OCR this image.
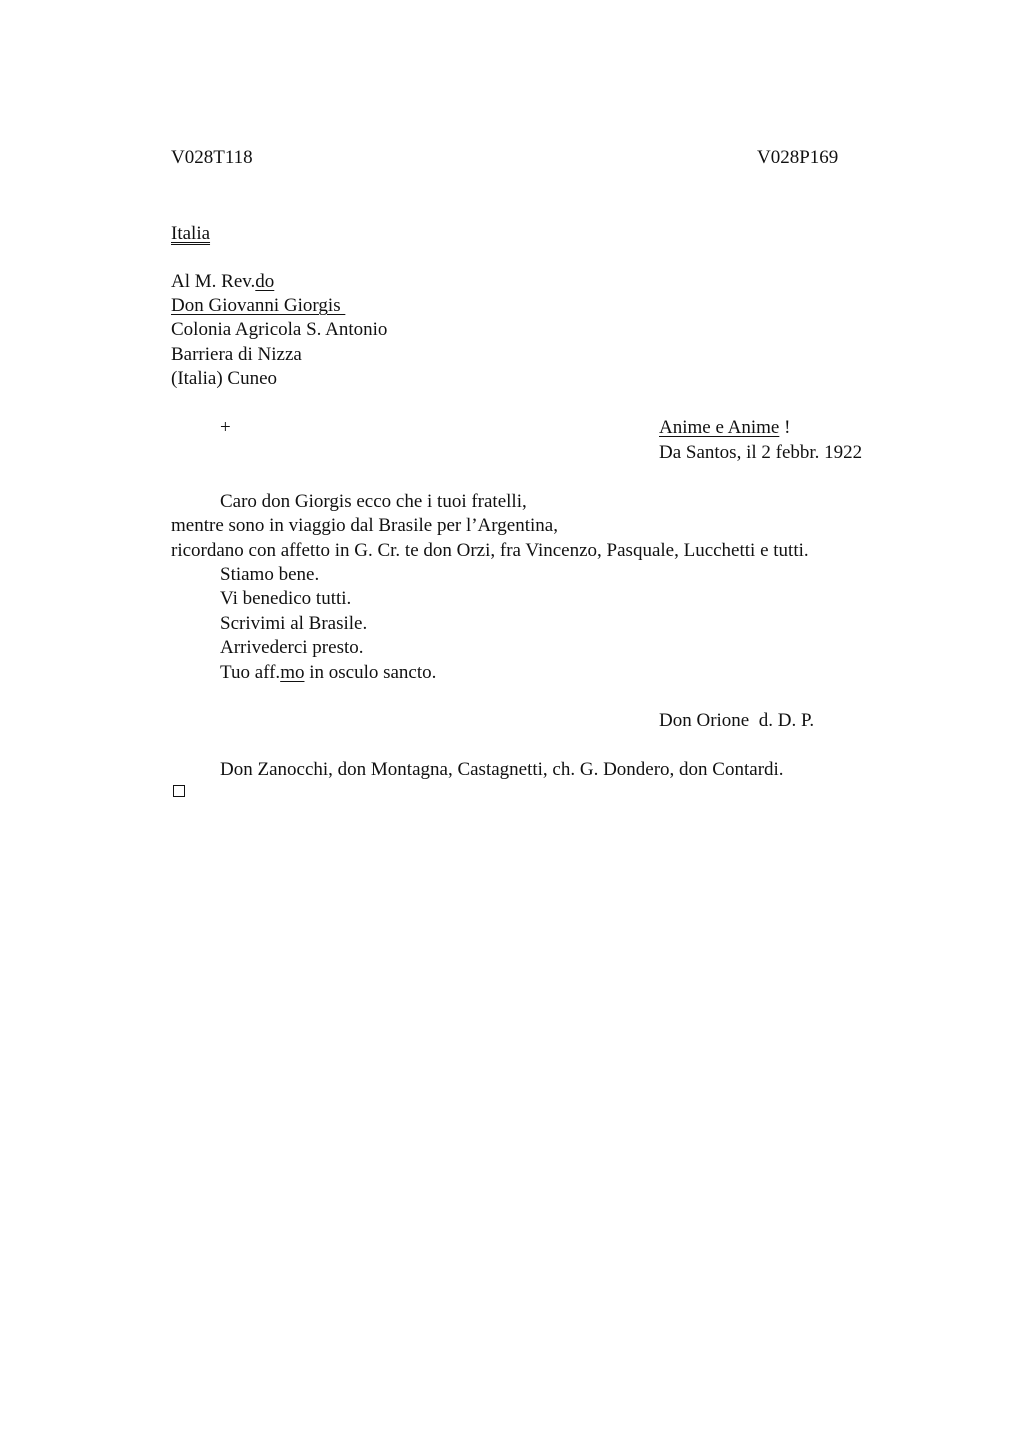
V028T118	V028P169
Italia
Al M. Rev.do
Don Giovanni Giorgis
Colonia Agricola S. Antonio
Barriera di Nizza
(Italia) Cuneo
+	Anime e Anime !
Da Santos, il 2 febbr. 1922
Caro don Giorgis ecco che i tuoi fratelli,
mentre sono in viaggio dal Brasile per l’Argentina,
ricordano con affetto in G. Cr. te don Orzi, fra Vincenzo, Pasquale, Lucchetti e tutti.
Stiamo bene.
Vi benedico tutti.
Scrivimi al Brasile.
Arrivederci presto.
Tuo aff.mo in osculo sancto.
Don Orione  d. D. P.
Don Zanocchi, don Montagna, Castagnetti, ch. G. Dondero, don Contardi.
